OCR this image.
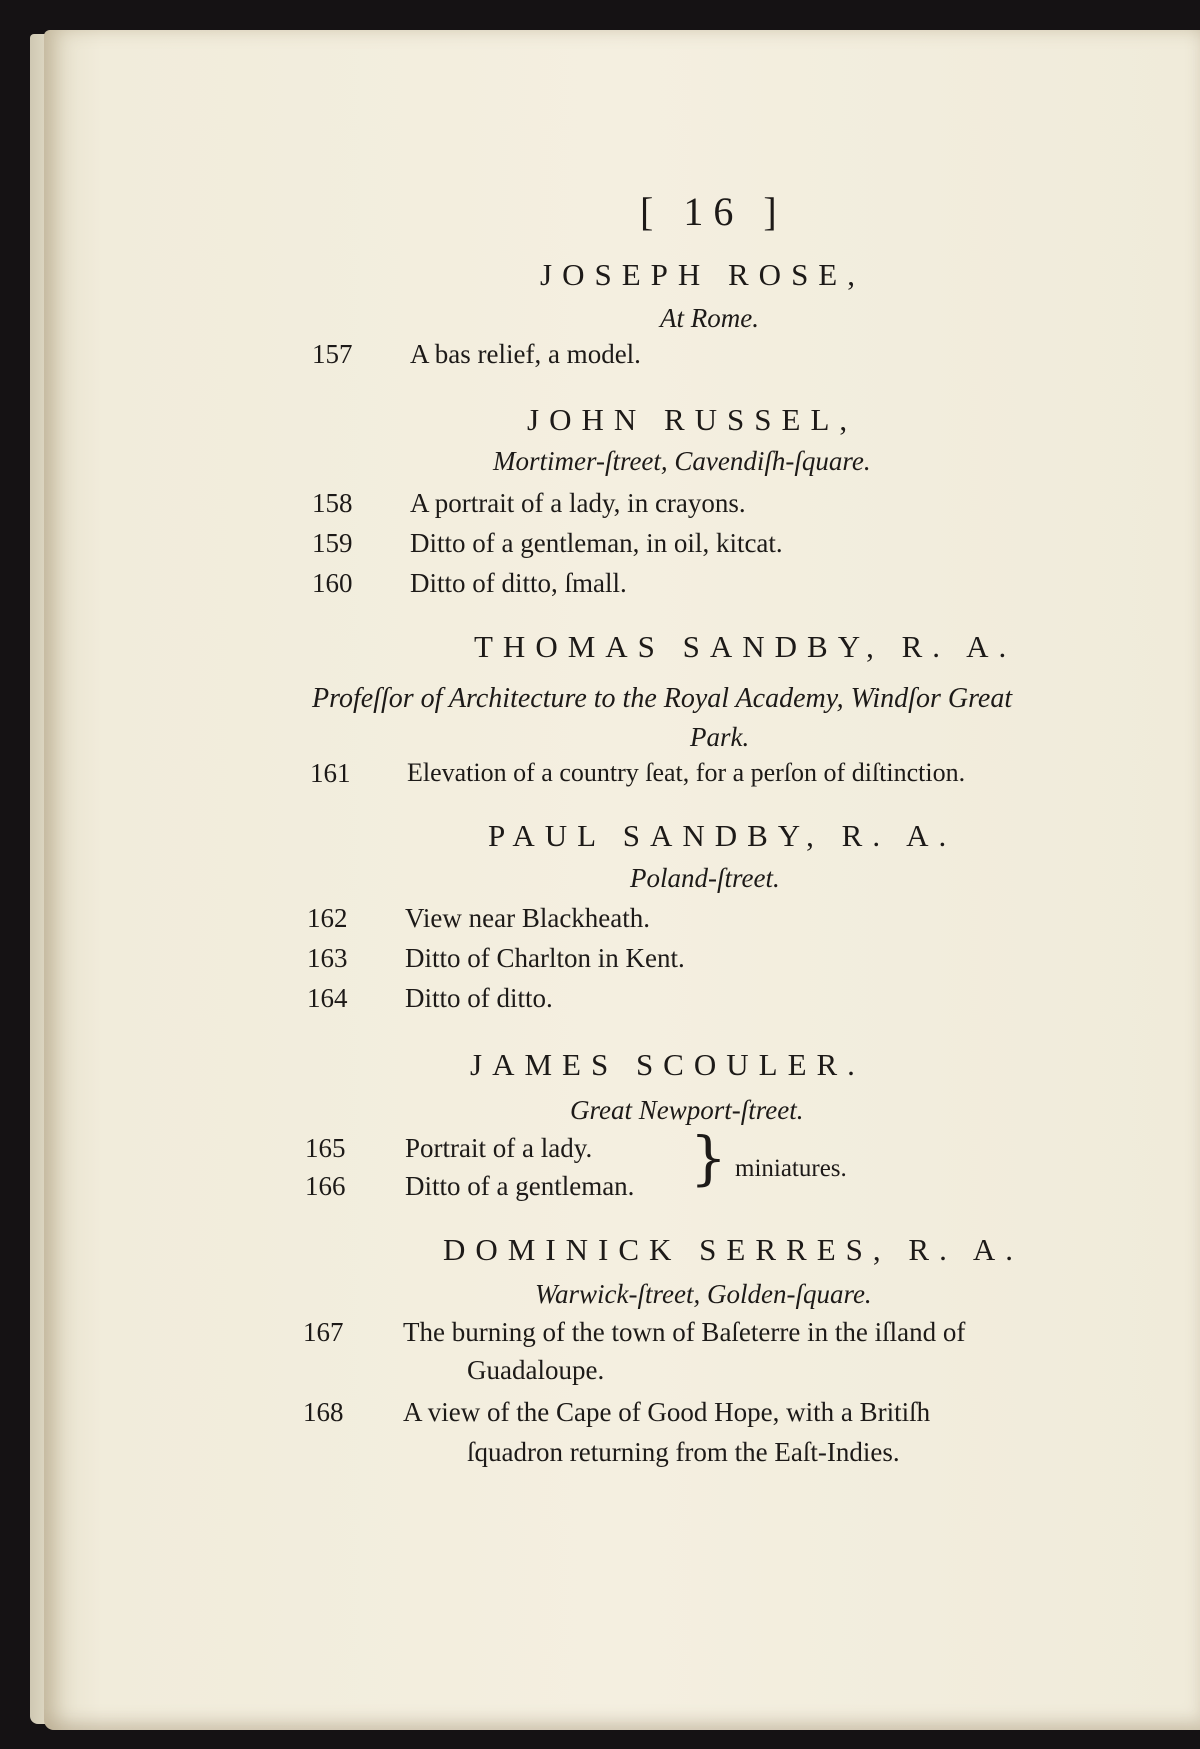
[ 16 ]
JOSEPH ROSE,
At Rome.
157 A bas relief, a model.
JOHN RUSSEL,
Mortimer-ſtreet, Cavendiſh-ſquare.
158 A portrait of a lady, in crayons.
159 Ditto of a gentleman, in oil, kitcat.
160 Ditto of ditto, ſmall.
THOMAS SANDBY, R. A.
Profeſſor of Architecture to the Royal Academy, Windſor Great
Park.
161 Elevation of a country ſeat, for a perſon of diſtinction.
PAUL SANDBY, R. A.
Poland-ſtreet.
162 View near Blackheath.
163 Ditto of Charlton in Kent.
164 Ditto of ditto.
JAMES SCOULER.
Great Newport-ſtreet.
165 Portrait of a lady.
166 Ditto of a gentleman. } miniatures.
DOMINICK SERRES, R. A.
Warwick-ſtreet, Golden-ſquare.
167 The burning of the town of Baſeterre in the iſland of
Guadaloupe.
168 A view of the Cape of Good Hope, with a Britiſh
ſquadron returning from the Eaſt-Indies.
